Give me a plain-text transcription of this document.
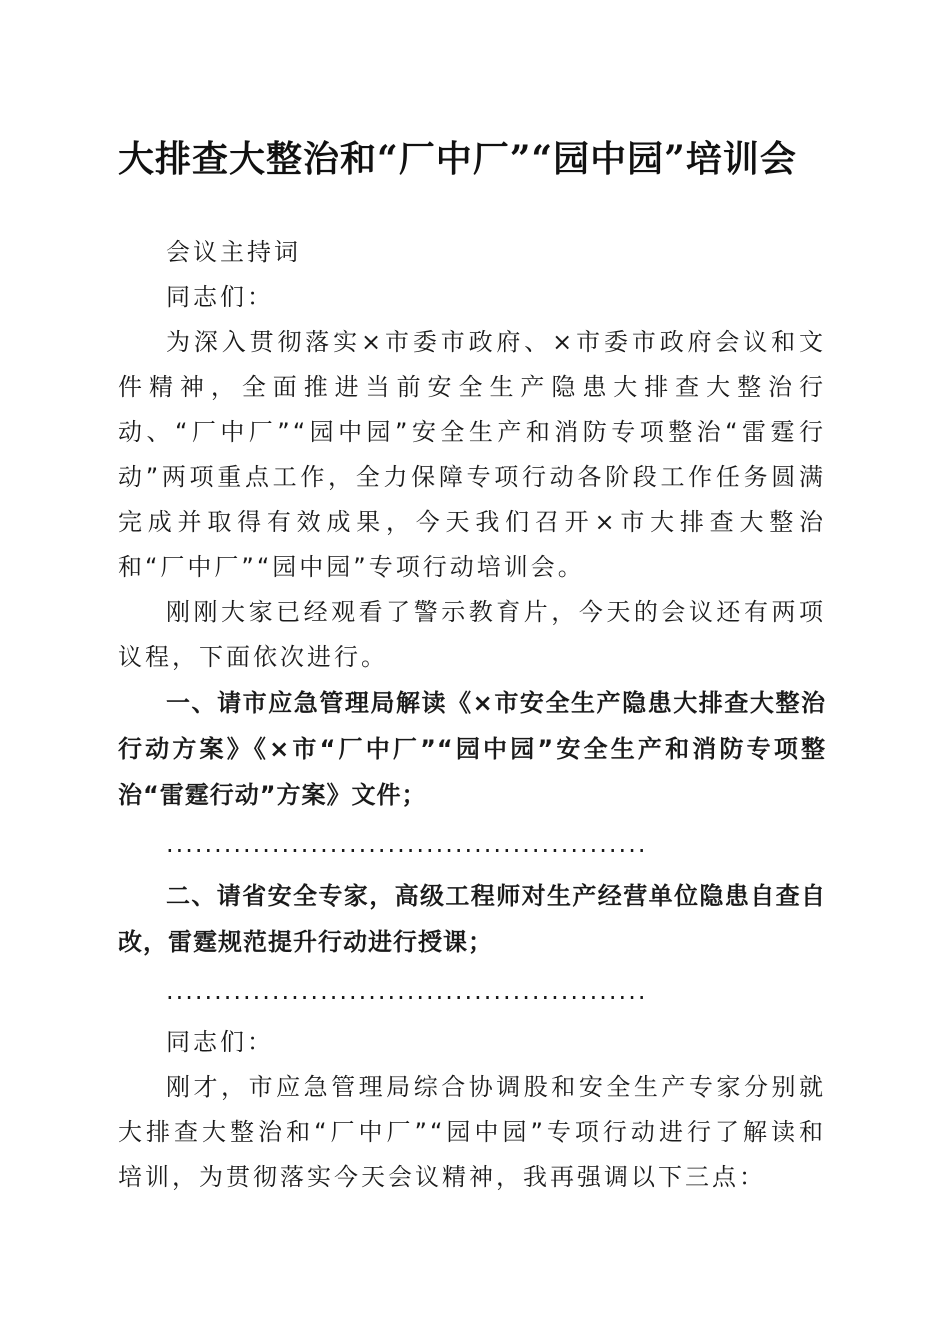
大排查大整治和“厂中厂”“园中园”培训会

会议主持词

同志们：

为深入贯彻落实×市委市政府、×市委市政府会议和文件精神，全面推进当前安全生产隐患大排查大整治行动、“厂中厂”“园中园”安全生产和消防专项整治“雷霆行动”两项重点工作，全力保障专项行动各阶段工作任务圆满完成并取得有效成果，今天我们召开×市大排查大整治和“厂中厂”“园中园”专项行动培训会。

刚刚大家已经观看了警示教育片，今天的会议还有两项议程，下面依次进行。

一、请市应急管理局解读《×市安全生产隐患大排查大整治行动方案》《×市“厂中厂”“园中园”安全生产和消防专项整治“雷霆行动”方案》文件；

..................................................

二、请省安全专家，高级工程师对生产经营单位隐患自查自改，雷霆规范提升行动进行授课；

..................................................

同志们：

刚才，市应急管理局综合协调股和安全生产专家分别就大排查大整治和“厂中厂”“园中园”专项行动进行了解读和培训，为贯彻落实今天会议精神，我再强调以下三点：
